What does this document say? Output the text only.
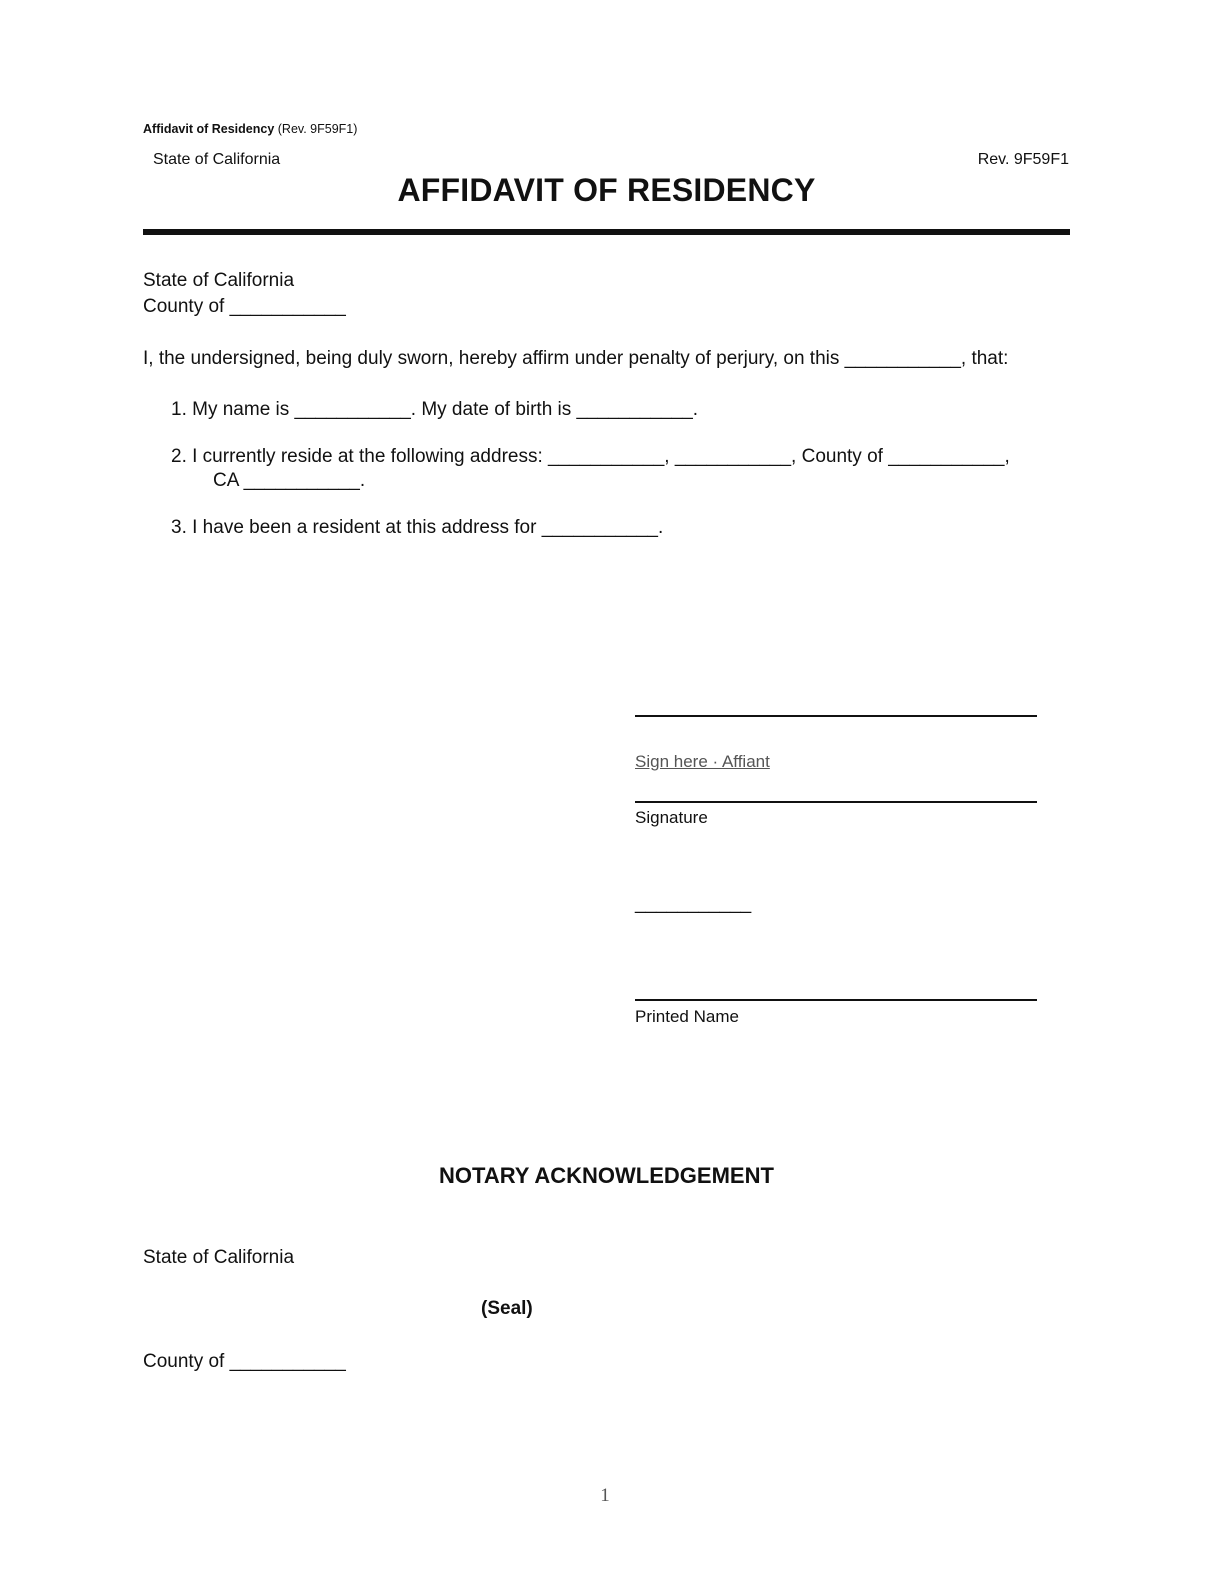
Affidavit of Residency (Rev. 9F59F1)
State of California	Rev. 9F59F1
AFFIDAVIT OF RESIDENCY
State of California
County of ___________
I, the undersigned, being duly sworn, hereby affirm under penalty of perjury, on this ___________, that:
1. My name is ___________. My date of birth is ___________.
2. I currently reside at the following address: ___________, ___________, County of ___________,
CA ___________.
3. I have been a resident at this address for ___________.
Sign here · Affiant
Signature
___________
Printed Name
NOTARY ACKNOWLEDGEMENT
State of California
(Seal)
County of ___________
1
